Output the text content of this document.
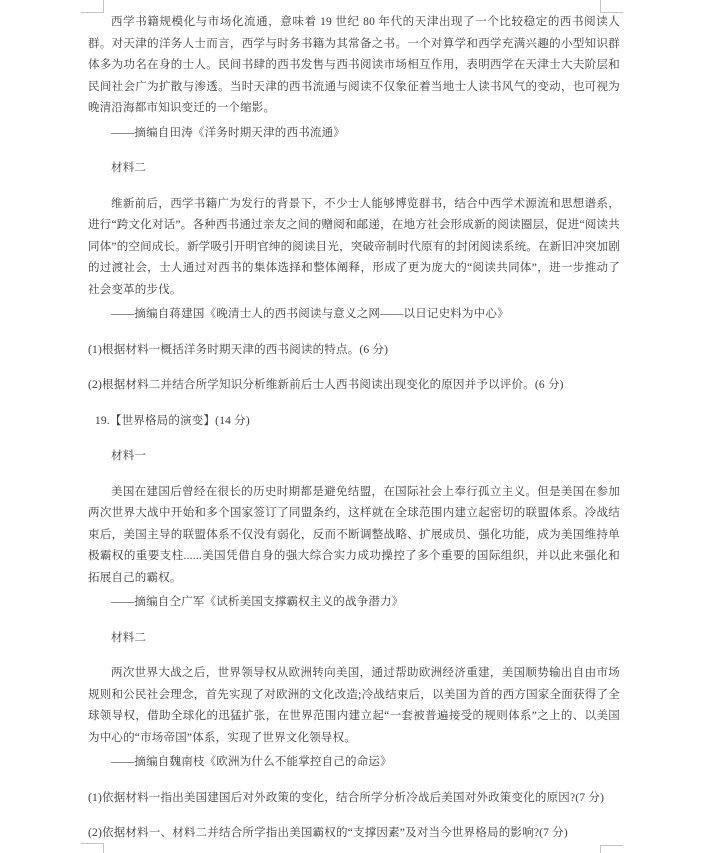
西学书籍规模化与市场化流通，意味着 19 世纪 80 年代的天津出现了一个比较稳定的西书阅读人群。对天津的洋务人士而言，西学与时务书籍为其常备之书。一个对算学和西学充满兴趣的小型知识群体多为功名在身的士人。民间书肆的西书发售与西书阅读市场相互作用，表明西学在天津士大夫阶层和民间社会广为扩散与渗透。当时天津的西书流通与阅读不仅象征着当地士人读书风气的变动，也可视为晚清沿海都市知识变迁的一个缩影。

——摘编自田涛《洋务时期天津的西书流通》

材料二

维新前后，西学书籍广为发行的背景下，不少士人能够博览群书，结合中西学术源流和思想谱系，进行“跨文化对话”。各种西书通过亲友之间的赠阅和邮递，在地方社会形成新的阅读圈层，促进“阅读共同体”的空间成长。新学吸引开明官绅的阅读目光，突破帝制时代原有的封闭阅读系统。在新旧冲突加剧的过渡社会，士人通过对西书的集体选择和整体阐释，形成了更为庞大的“阅读共同体”，进一步推动了社会变革的步伐。

——摘编自蒋建国《晚清士人的西书阅读与意义之网——以日记史料为中心》

(1)根据材料一概括洋务时期天津的西书阅读的特点。(6 分)

(2)根据材料二并结合所学知识分析维新前后士人西书阅读出现变化的原因并予以评价。(6 分)

19.【世界格局的演变】(14 分)

材料一

美国在建国后曾经在很长的历史时期都是避免结盟，在国际社会上奉行孤立主义。但是美国在参加两次世界大战中开始和多个国家签订了同盟条约，这样就在全球范围内建立起密切的联盟体系。冷战结束后，美国主导的联盟体系不仅没有弱化，反而不断调整战略、扩展成员、强化功能，成为美国维持单极霸权的重要支柱......美国凭借自身的强大综合实力成功操控了多个重要的国际组织，并以此来强化和拓展自己的霸权。

——摘编自仝广军《试析美国支撑霸权主义的战争潜力》

材料二

两次世界大战之后，世界领导权从欧洲转向美国，通过帮助欧洲经济重建，美国顺势输出自由市场规则和公民社会理念，首先实现了对欧洲的文化改造;冷战结束后，以美国为首的西方国家全面获得了全球领导权，借助全球化的迅猛扩张，在世界范围内建立起“一套被普遍接受的规则体系”之上的、以美国为中心的“市场帝国”体系，实现了世界文化领导权。

——摘编自魏南枝《欧洲为什么不能掌控自己的命运》

(1)依据材料一指出美国建国后对外政策的变化，结合所学分析冷战后美国对外政策变化的原因?(7 分)

(2)依据材料一、材料二并结合所学指出美国霸权的“支撑因素”及对当今世界格局的影响?(7 分)
